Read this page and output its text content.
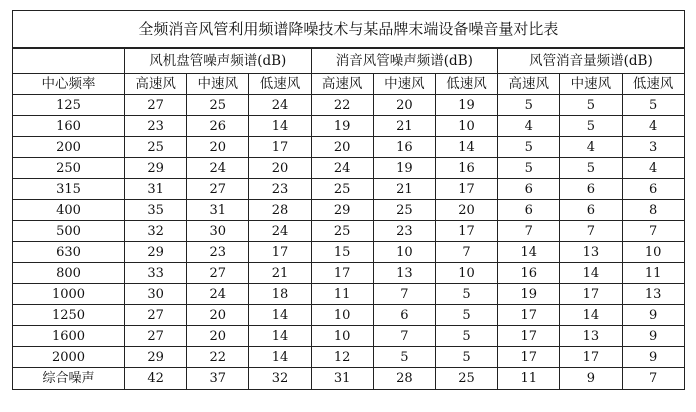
全频消音风管利用频谱降噪技术与某品牌末端设备噪音量对比表									
	风机盘管噪声频谱(dB)			消音风管噪声频谱(dB)			风管消音量频谱(dB)		
中心频率	高速风	中速风	低速风	高速风	中速风	低速风	高速风	中速风	低速风
125	27	25	24	22	20	19	5	5	5
160	23	26	14	19	21	10	4	5	4
200	25	20	17	20	16	14	5	4	3
250	29	24	20	24	19	16	5	5	4
315	31	27	23	25	21	17	6	6	6
400	35	31	28	29	25	20	6	6	8
500	32	30	24	25	23	17	7	7	7
630	29	23	17	15	10	7	14	13	10
800	33	27	21	17	13	10	16	14	11
1000	30	24	18	11	7	5	19	17	13
1250	27	20	14	10	6	5	17	14	9
1600	27	20	14	10	7	5	17	13	9
2000	29	22	14	12	5	5	17	17	9
综合噪声	42	37	32	31	28	25	11	9	7
